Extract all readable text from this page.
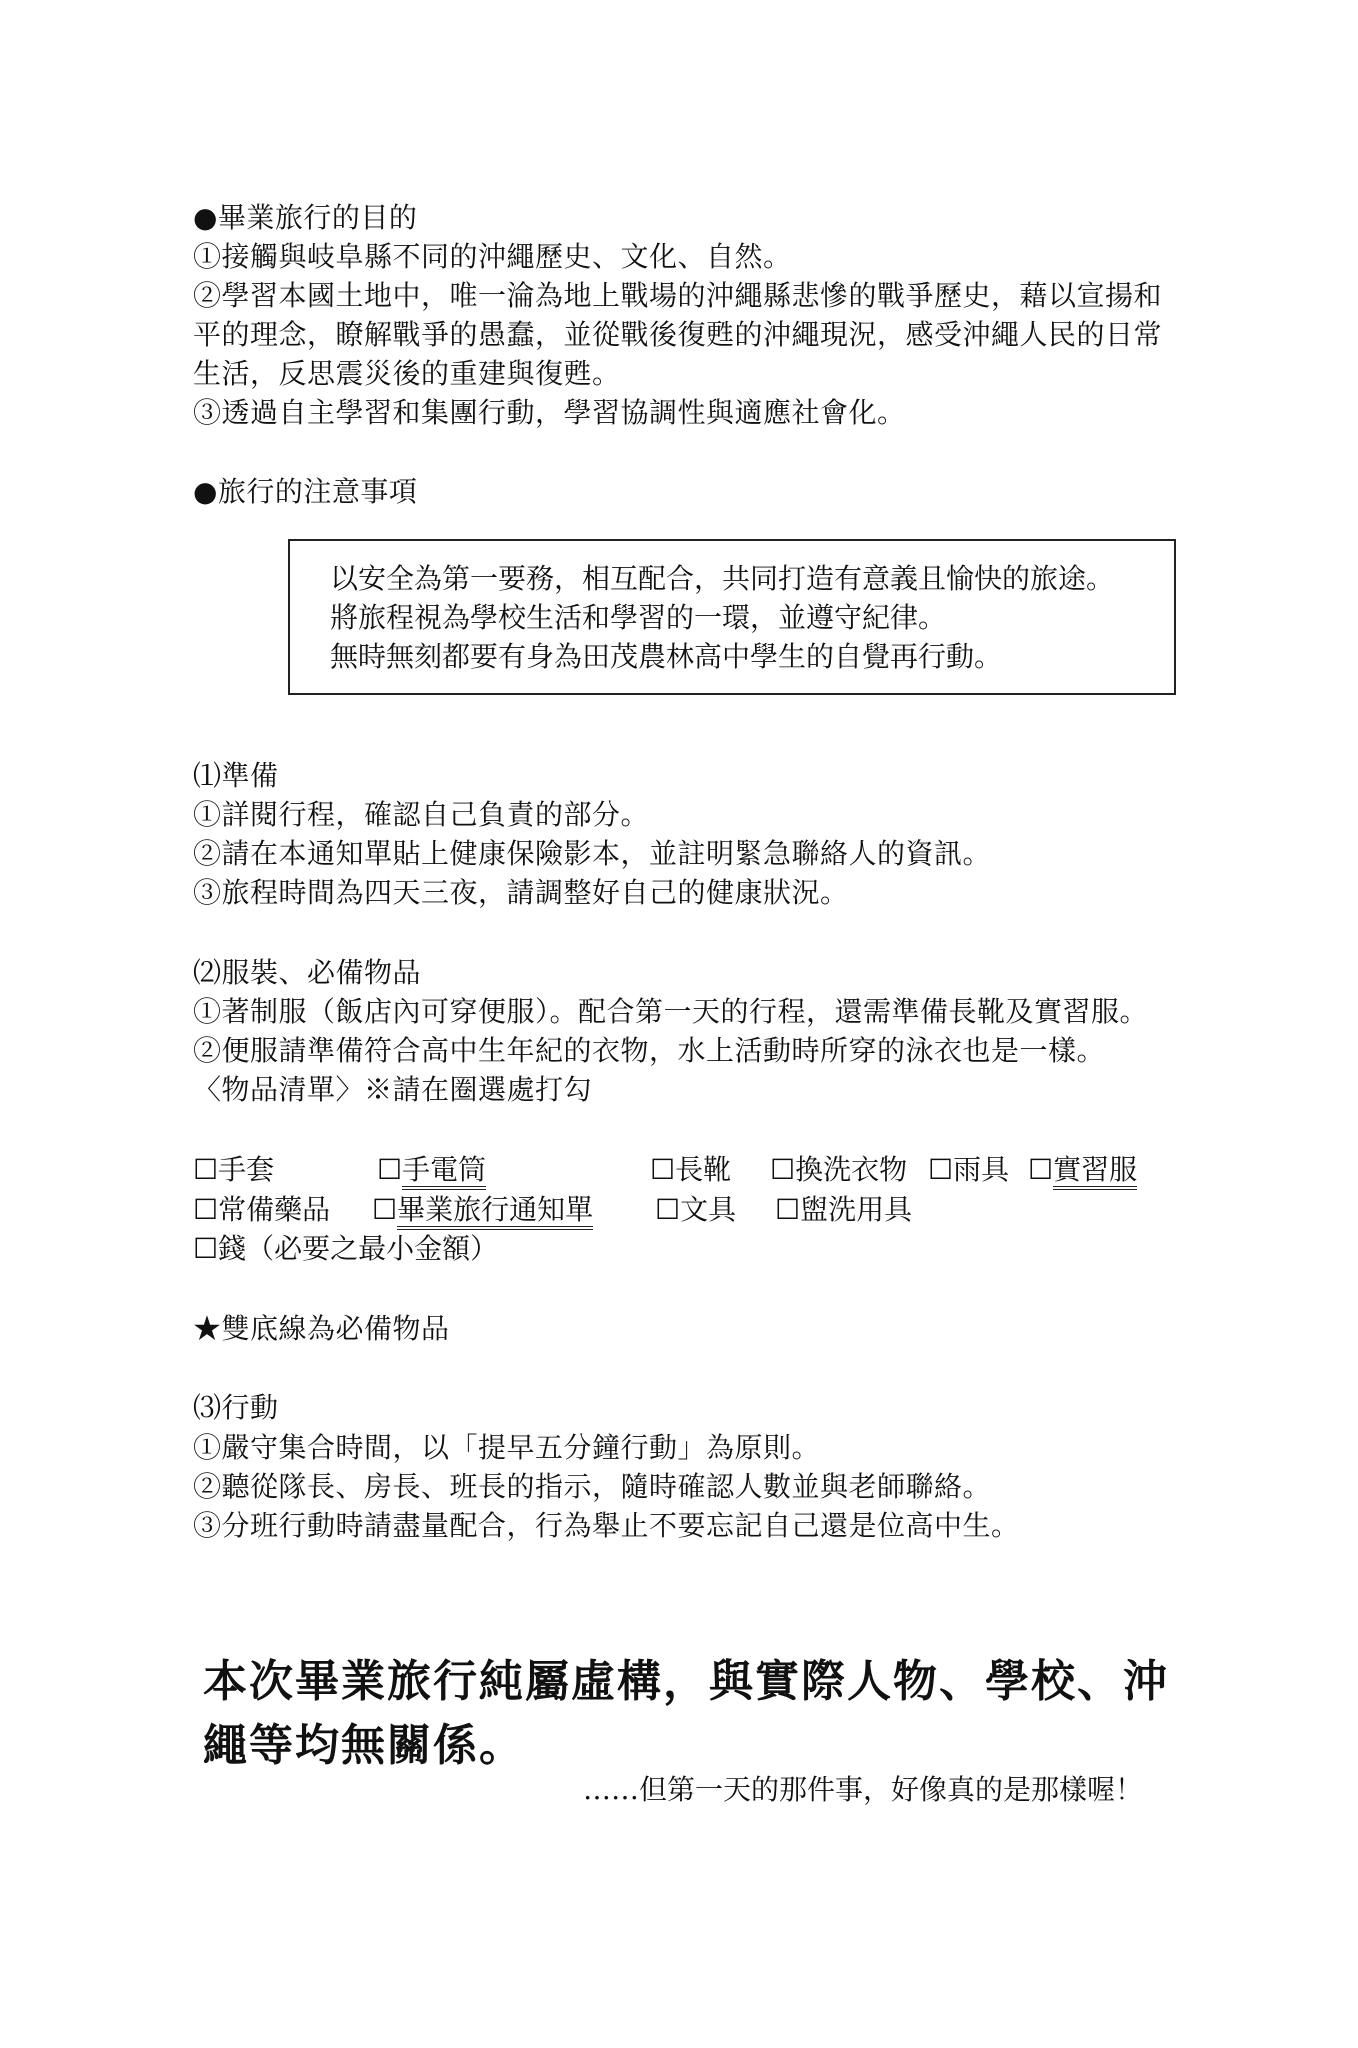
●畢業旅行的目的
①接觸與岐阜縣不同的沖繩歷史、文化、自然。
②學習本國土地中，唯一淪為地上戰場的沖繩縣悲慘的戰爭歷史，藉以宣揚和
平的理念，瞭解戰爭的愚蠢，並從戰後復甦的沖繩現況，感受沖繩人民的日常
生活，反思震災後的重建與復甦。
③透過自主學習和集團行動，學習協調性與適應社會化。
●旅行的注意事項
以安全為第一要務，相互配合，共同打造有意義且愉快的旅途。
將旅程視為學校生活和學習的一環，並遵守紀律。
無時無刻都要有身為田茂農林高中學生的自覺再行動。
⑴準備
①詳閱行程，確認自己負責的部分。
②請在本通知單貼上健康保險影本，並註明緊急聯絡人的資訊。
③旅程時間為四天三夜，請調整好自己的健康狀況。
⑵服裝、必備物品
①著制服（飯店內可穿便服）。配合第一天的行程，還需準備長靴及實習服。
②便服請準備符合高中生年紀的衣物，水上活動時所穿的泳衣也是一樣。
〈物品清單〉※請在圈選處打勾
☐手套	☐手電筒	☐長靴 ☐換洗衣物 ☐雨具 ☐實習服
☐常備藥品 ☐畢業旅行通知單 ☐文具 ☐盥洗用具
☐錢（必要之最小金額）
★雙底線為必備物品
⑶行動
①嚴守集合時間，以「提早五分鐘行動」為原則。
②聽從隊長、房長、班長的指示，隨時確認人數並與老師聯絡。
③分班行動時請盡量配合，行為舉止不要忘記自己還是位高中生。
本次畢業旅行純屬虛構，與實際人物、學校、沖
繩等均無關係。
……但第一天的那件事，好像真的是那樣喔！
